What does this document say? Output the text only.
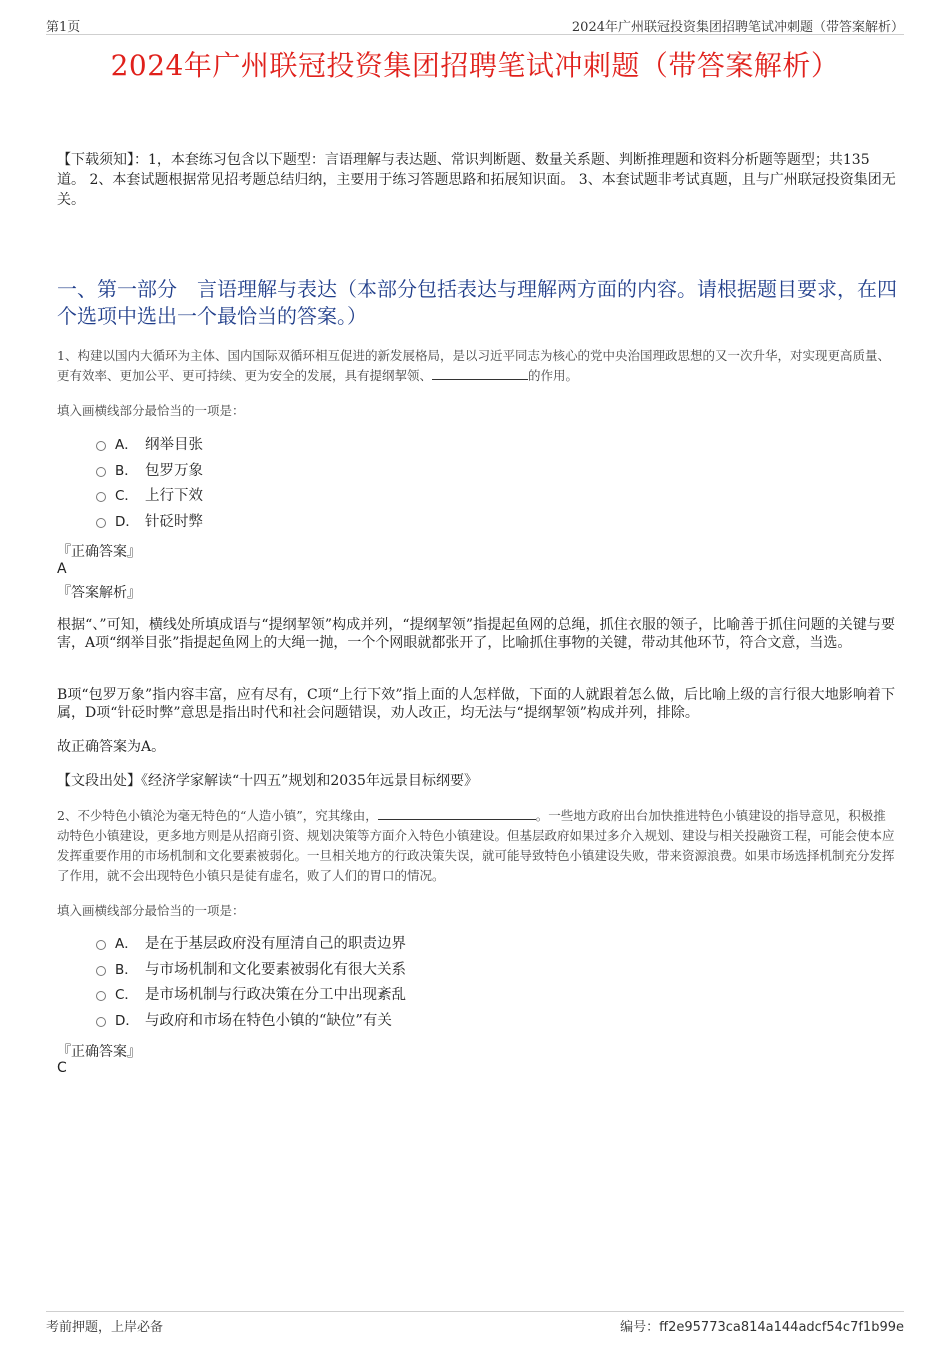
第1页	2024年广州联冠投资集团招聘笔试冲刺题（带答案解析）
2024年广州联冠投资集团招聘笔试冲刺题（带答案解析）
【下载须知】：1，本套练习包含以下题型：言语理解与表达题、常识判断题、数量关系题、判断推理题和资料分析题等题型；共135道。 2、本套试题根据常见招考题总结归纳，主要用于练习答题思路和拓展知识面。 3、本套试题非考试真题，且与广州联冠投资集团无关。
一、第一部分　言语理解与表达（本部分包括表达与理解两方面的内容。请根据题目要求，在四个选项中选出一个最恰当的答案。）
1、构建以国内大循环为主体、国内国际双循环相互促进的新发展格局，是以习近平同志为核心的党中央治国理政思想的又一次升华，对实现更高质量、更有效率、更加公平、更可持续、更为安全的发展，具有提纲挈领、	的作用。
填入画横线部分最恰当的一项是：
A． 纲举目张
B． 包罗万象
C． 上行下效
D． 针砭时弊
『正确答案』
A
『答案解析』
根据“、”可知，横线处所填成语与“提纲挈领”构成并列，“提纲挈领”指提起鱼网的总绳，抓住衣服的领子，比喻善于抓住问题的关键与要害，A项“纲举目张”指提起鱼网上的大绳一抛，一个个网眼就都张开了，比喻抓住事物的关键，带动其他环节，符合文意，当选。
B项“包罗万象”指内容丰富，应有尽有，C项“上行下效”指上面的人怎样做，下面的人就跟着怎么做，后比喻上级的言行很大地影响着下属，D项“针砭时弊”意思是指出时代和社会问题错误，劝人改正，均无法与“提纲挈领”构成并列，排除。
故正确答案为A。
【文段出处】《经济学家解读“十四五”规划和2035年远景目标纲要》
2、不少特色小镇沦为毫无特色的“人造小镇”，究其缘由，	。一些地方政府出台加快推进特色小镇建设的指导意见，积极推动特色小镇建设，更多地方则是从招商引资、规划决策等方面介入特色小镇建设。但基层政府如果过多介入规划、建设与相关投融资工程，可能会使本应发挥重要作用的市场机制和文化要素被弱化。一旦相关地方的行政决策失误，就可能导致特色小镇建设失败，带来资源浪费。如果市场选择机制充分发挥了作用，就不会出现特色小镇只是徒有虚名，败了人们的胃口的情况。
填入画横线部分最恰当的一项是：
A． 是在于基层政府没有厘清自己的职责边界
B． 与市场机制和文化要素被弱化有很大关系
C． 是市场机制与行政决策在分工中出现紊乱
D． 与政府和市场在特色小镇的“缺位”有关
『正确答案』
C
考前押题，上岸必备	编号：ff2e95773ca814a144adcf54c7f1b99e
